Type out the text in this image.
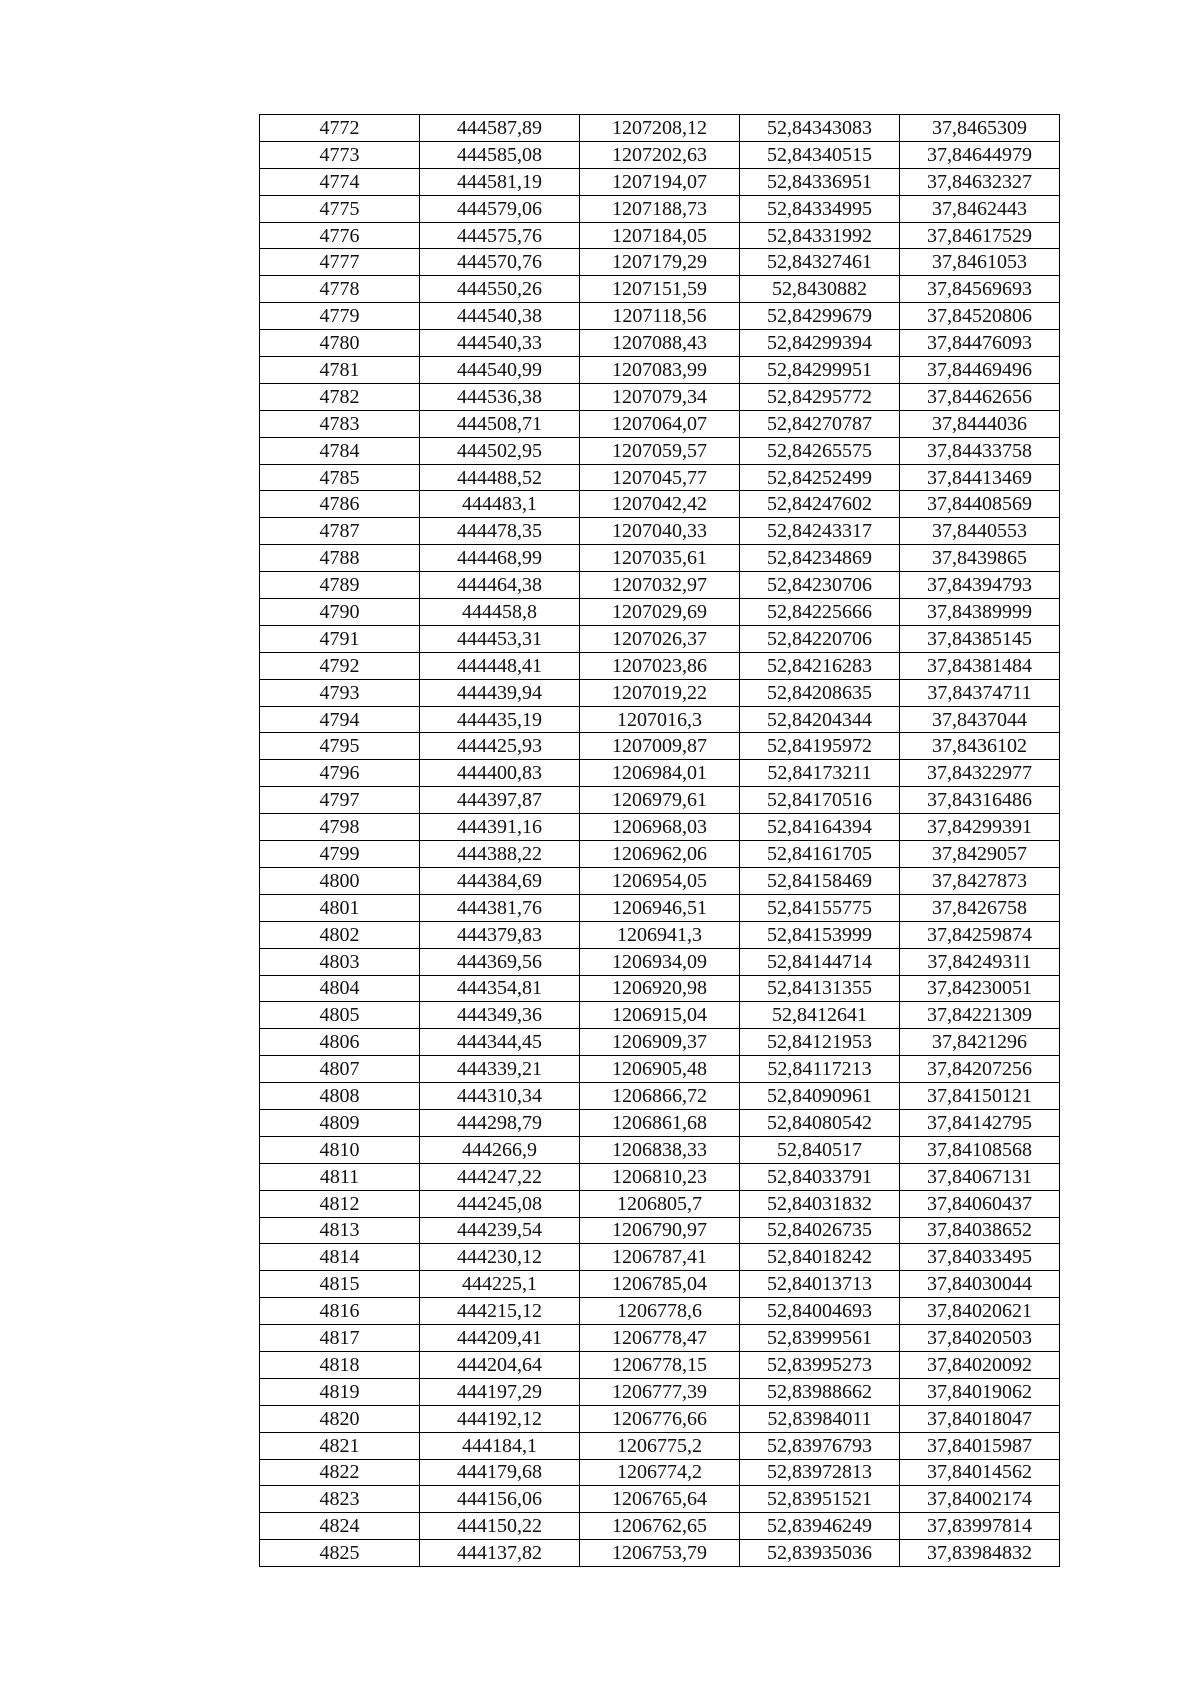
4772	444587,89	1207208,12	52,84343083	37,8465309
4773	444585,08	1207202,63	52,84340515	37,84644979
4774	444581,19	1207194,07	52,84336951	37,84632327
4775	444579,06	1207188,73	52,84334995	37,8462443
4776	444575,76	1207184,05	52,84331992	37,84617529
4777	444570,76	1207179,29	52,84327461	37,8461053
4778	444550,26	1207151,59	52,8430882	37,84569693
4779	444540,38	1207118,56	52,84299679	37,84520806
4780	444540,33	1207088,43	52,84299394	37,84476093
4781	444540,99	1207083,99	52,84299951	37,84469496
4782	444536,38	1207079,34	52,84295772	37,84462656
4783	444508,71	1207064,07	52,84270787	37,8444036
4784	444502,95	1207059,57	52,84265575	37,84433758
4785	444488,52	1207045,77	52,84252499	37,84413469
4786	444483,1	1207042,42	52,84247602	37,84408569
4787	444478,35	1207040,33	52,84243317	37,8440553
4788	444468,99	1207035,61	52,84234869	37,8439865
4789	444464,38	1207032,97	52,84230706	37,84394793
4790	444458,8	1207029,69	52,84225666	37,84389999
4791	444453,31	1207026,37	52,84220706	37,84385145
4792	444448,41	1207023,86	52,84216283	37,84381484
4793	444439,94	1207019,22	52,84208635	37,84374711
4794	444435,19	1207016,3	52,84204344	37,8437044
4795	444425,93	1207009,87	52,84195972	37,8436102
4796	444400,83	1206984,01	52,84173211	37,84322977
4797	444397,87	1206979,61	52,84170516	37,84316486
4798	444391,16	1206968,03	52,84164394	37,84299391
4799	444388,22	1206962,06	52,84161705	37,8429057
4800	444384,69	1206954,05	52,84158469	37,8427873
4801	444381,76	1206946,51	52,84155775	37,8426758
4802	444379,83	1206941,3	52,84153999	37,84259874
4803	444369,56	1206934,09	52,84144714	37,84249311
4804	444354,81	1206920,98	52,84131355	37,84230051
4805	444349,36	1206915,04	52,8412641	37,84221309
4806	444344,45	1206909,37	52,84121953	37,8421296
4807	444339,21	1206905,48	52,84117213	37,84207256
4808	444310,34	1206866,72	52,84090961	37,84150121
4809	444298,79	1206861,68	52,84080542	37,84142795
4810	444266,9	1206838,33	52,840517	37,84108568
4811	444247,22	1206810,23	52,84033791	37,84067131
4812	444245,08	1206805,7	52,84031832	37,84060437
4813	444239,54	1206790,97	52,84026735	37,84038652
4814	444230,12	1206787,41	52,84018242	37,84033495
4815	444225,1	1206785,04	52,84013713	37,84030044
4816	444215,12	1206778,6	52,84004693	37,84020621
4817	444209,41	1206778,47	52,83999561	37,84020503
4818	444204,64	1206778,15	52,83995273	37,84020092
4819	444197,29	1206777,39	52,83988662	37,84019062
4820	444192,12	1206776,66	52,83984011	37,84018047
4821	444184,1	1206775,2	52,83976793	37,84015987
4822	444179,68	1206774,2	52,83972813	37,84014562
4823	444156,06	1206765,64	52,83951521	37,84002174
4824	444150,22	1206762,65	52,83946249	37,83997814
4825	444137,82	1206753,79	52,83935036	37,83984832
